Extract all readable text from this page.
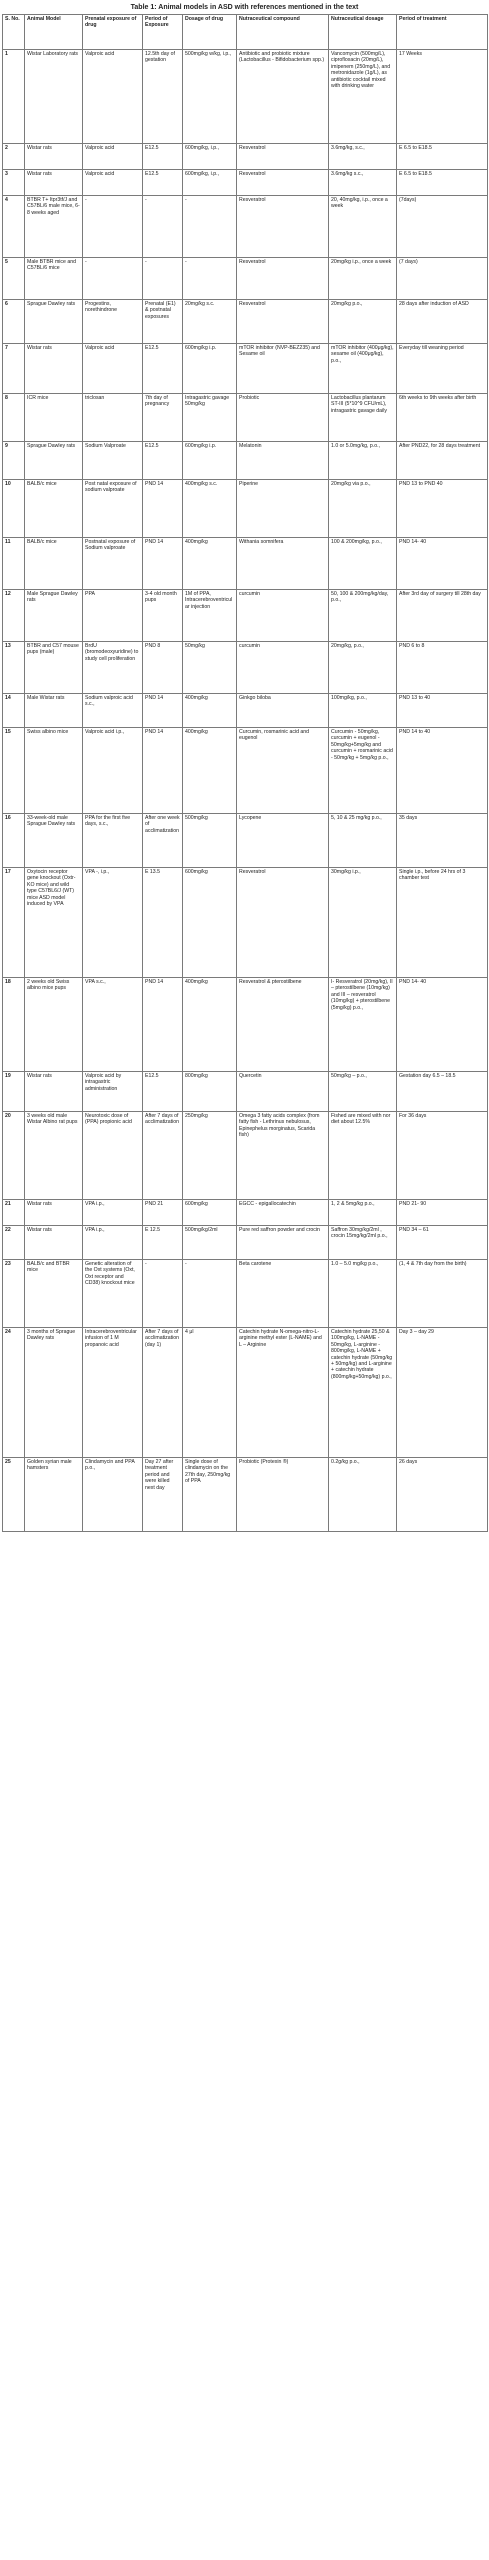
Table 1: Animal models in ASD with references mentioned in the text
S. No.	Animal Model	Prenatal exposure of drug	Period of Exposure	Dosage of drug	Nutraceutical compound	Nutraceutical dosage	Period of treatment
1	Wistar Laboratory rats	Valproic acid	12.5th day of gestation	500mg/kg w/kg, i.p.,	Antibiotic and probiotic mixture (Lactobacillus - Bifidobacterium spp.)	Vancomycin (500mg/L), ciprofloxacin (20mg/L), imipenem (250mg/L), and metronidazole (1g/L), as antibiotic cocktail mixed with drinking water	17 Weeks
2	Wistar rats	Valproic acid	E12.5	600mg/kg, i.p.,	Resveratrol	3.6mg/kg, s.c.,	E 6.5 to E18.5
3	Wistar rats	Valproic acid	E12.5	600mg/kg, i.p.,	Resveratrol	3.6mg/kg s.c.,	E 6.5 to E18.5
4	BTBR T+ Itpr3tf/J and C57BL/6 male mice, 6-8 weeks aged	-	-	-	Resveratrol	20, 40mg/kg, i.p., once a week	(7days)
5	Male BTBR mice and C57BL/6 mice	-	-	-	Resveratrol	20mg/kg i.p., once a week	(7 days)
6	Sprague Dawley rats	Progestins, norethindrone	Prenatal (E1) & postnatal exposures	20mg/kg s.c.	Resveratrol	20mg/kg p.o.,	28 days after induction of ASD
7	Wistar rats	Valproic acid	E12.5	600mg/kg i.p.	mTOR inhibitor (NVP-BEZ235) and Sesame oil	mTOR inhibitor (400μg/kg), sesame oil (400μg/kg), p.o.,	Everyday till weaning period
8	ICR mice	triclosan	7th day of pregnancy	Intragastric gavage 50mg/kg	Probiotic	Lactobacillus plantarum ST-III (5*10^9 CFU/mL), intragastric gavage daily	6th weeks to 9th weeks after birth
9	Sprague Dawley rats	Sodium Valproate	E12.5	600mg/kg i.p.	Melatonin	1.0 or 5.0mg/kg, p.o.,	After PND22, for 28 days treatment
10	BALB/c mice	Post natal exposure of sodium valproate	PND 14	400mg/kg s.c.	Piperine	20mg/kg via p.o.,	PND 13 to PND 40
11	BALB/c mice	Postnatal exposure of Sodium valproate	PND 14	400mg/kg	Withania somnifera	100 & 200mg/kg, p.o.,	PND 14- 40
12	Male Sprague Dawley rats	PPA	3-4 old month pups	1M of PPA, Intracerebroventricular injection	curcumin	50, 100 & 200mg/kg/day, p.o.,	After 3rd day of surgery till 28th day
13	BTBR and C57 mouse pups (male)	BrdU (bromodeoxyuridine) to study cell proliferation	PND 8	50mg/kg	curcumin	20mg/kg, p.o.,	PND 6 to 8
14	Male Wistar rats	Sodium valproic acid s.c.,	PND 14	400mg/kg	Ginkgo biloba	100mg/kg, p.o.,	PND 13 to 40
15	Swiss albino mice	Valproic acid i.p.,	PND 14	400mg/kg	Curcumin, rosmarinic acid and eugenol	Curcumin - 50mg/kg, curcumin + eugenol - 50mg/kg+5mg/kg and curcumin + rosmarinic acid - 50mg/kg + 5mg/kg p.o.,	PND 14 to 40
16	33-week-old male Sprague Dawley rats	PPA for the first five days, s.c.,	After one week of acclimatization	500mg/kg	Lycopene	5, 10 & 25 mg/kg p.o.,	35 days
17	Oxytocin receptor gene knockout (Oxtr-KO mice) and wild type C57BL6/J (WT) mice ASD model induced by VPA	VPA -, i.p.,	E 13.5	600mg/kg	Resveratrol	30mg/kg i.p.,	Single i.p., before 24 hrs of 3 chamber test
18	2 weeks old Swiss albino mice pups	VPA s.c.,	PND 14	400mg/kg	Resveratrol & pterostilbene	I- Resveratrol (20mg/kg), II – pterostilbene (10mg/kg) and III – resveratrol (10mg/kg) + pterostilbene (5mg/kg) p.o.,	PND 14- 40
19	Wistar rats	Valproic acid by intragastric administration	E12.5	800mg/kg	Quercetin	50mg/kg – p.o.,	Gestation day 6.5 – 18.5
20	3 weeks old male Wistar Albino rat pups	Neurotoxic dose of (PPA) propionic acid	After 7 days of acclimatization	250mg/kg	Omega 3 fatty acids complex (from fatty fish - Lethrinus nebulosus, Epinephelus morginatus, Scarida fish)	Fished are mixed with nor diet about 12.5%	For 36 days
21	Wistar rats	VPA i.p.,	PND 21	600mg/kg	EGCC - epigallocatechin	1, 2 & 5mg/kg p.o.,	PND 21- 90
22	Wistar rats	VPA i.p.,	E 12.5	500mg/kg/2ml	Pure red saffron powder and crocin	Saffron 30mg/kg/2ml , crocin 15mg/kg/2ml p.o.,	PND 34 – 61
23	BALB/c and BTBR mice	Genetic alteration of the Oxt systems (Oxt, Oxt receptor and CD38) knockout mice	-	-	Beta carotene	1.0 – 5.0 mg/kg p.o.,	(1, 4 & 7th day from the birth)
24	3 months of Sprague Dawley rats	Intracerebroventricular infusion of 1 M propanoic acid	After 7 days of acclimatization (day 1)	4 μl	Catechin hydrate N-omega-nitro-L-arginine methyl ester (L-NAME) and L – Arginine	Catechin hydrate 25,50 & 100mg/kg, L-NAME - 50mg/kg, L-arginine - 800mg/kg, L-NAME + catechin hydrate (50mg/kg + 50mg/kg) and L-arginine + catechin hydrate (800mg/kg+50mg/kg) p.o.,	Day 3 – day 29
25	Golden syrian male hamsters	Clindamycin and PPA p.o.,	Day 27 after treatment period and were killed next day	Single dose of clindamycin on the 27th day, 250mg/kg of PPA	Probiotic (Protexin ®)	0.2g/kg p.o.,	26 days
